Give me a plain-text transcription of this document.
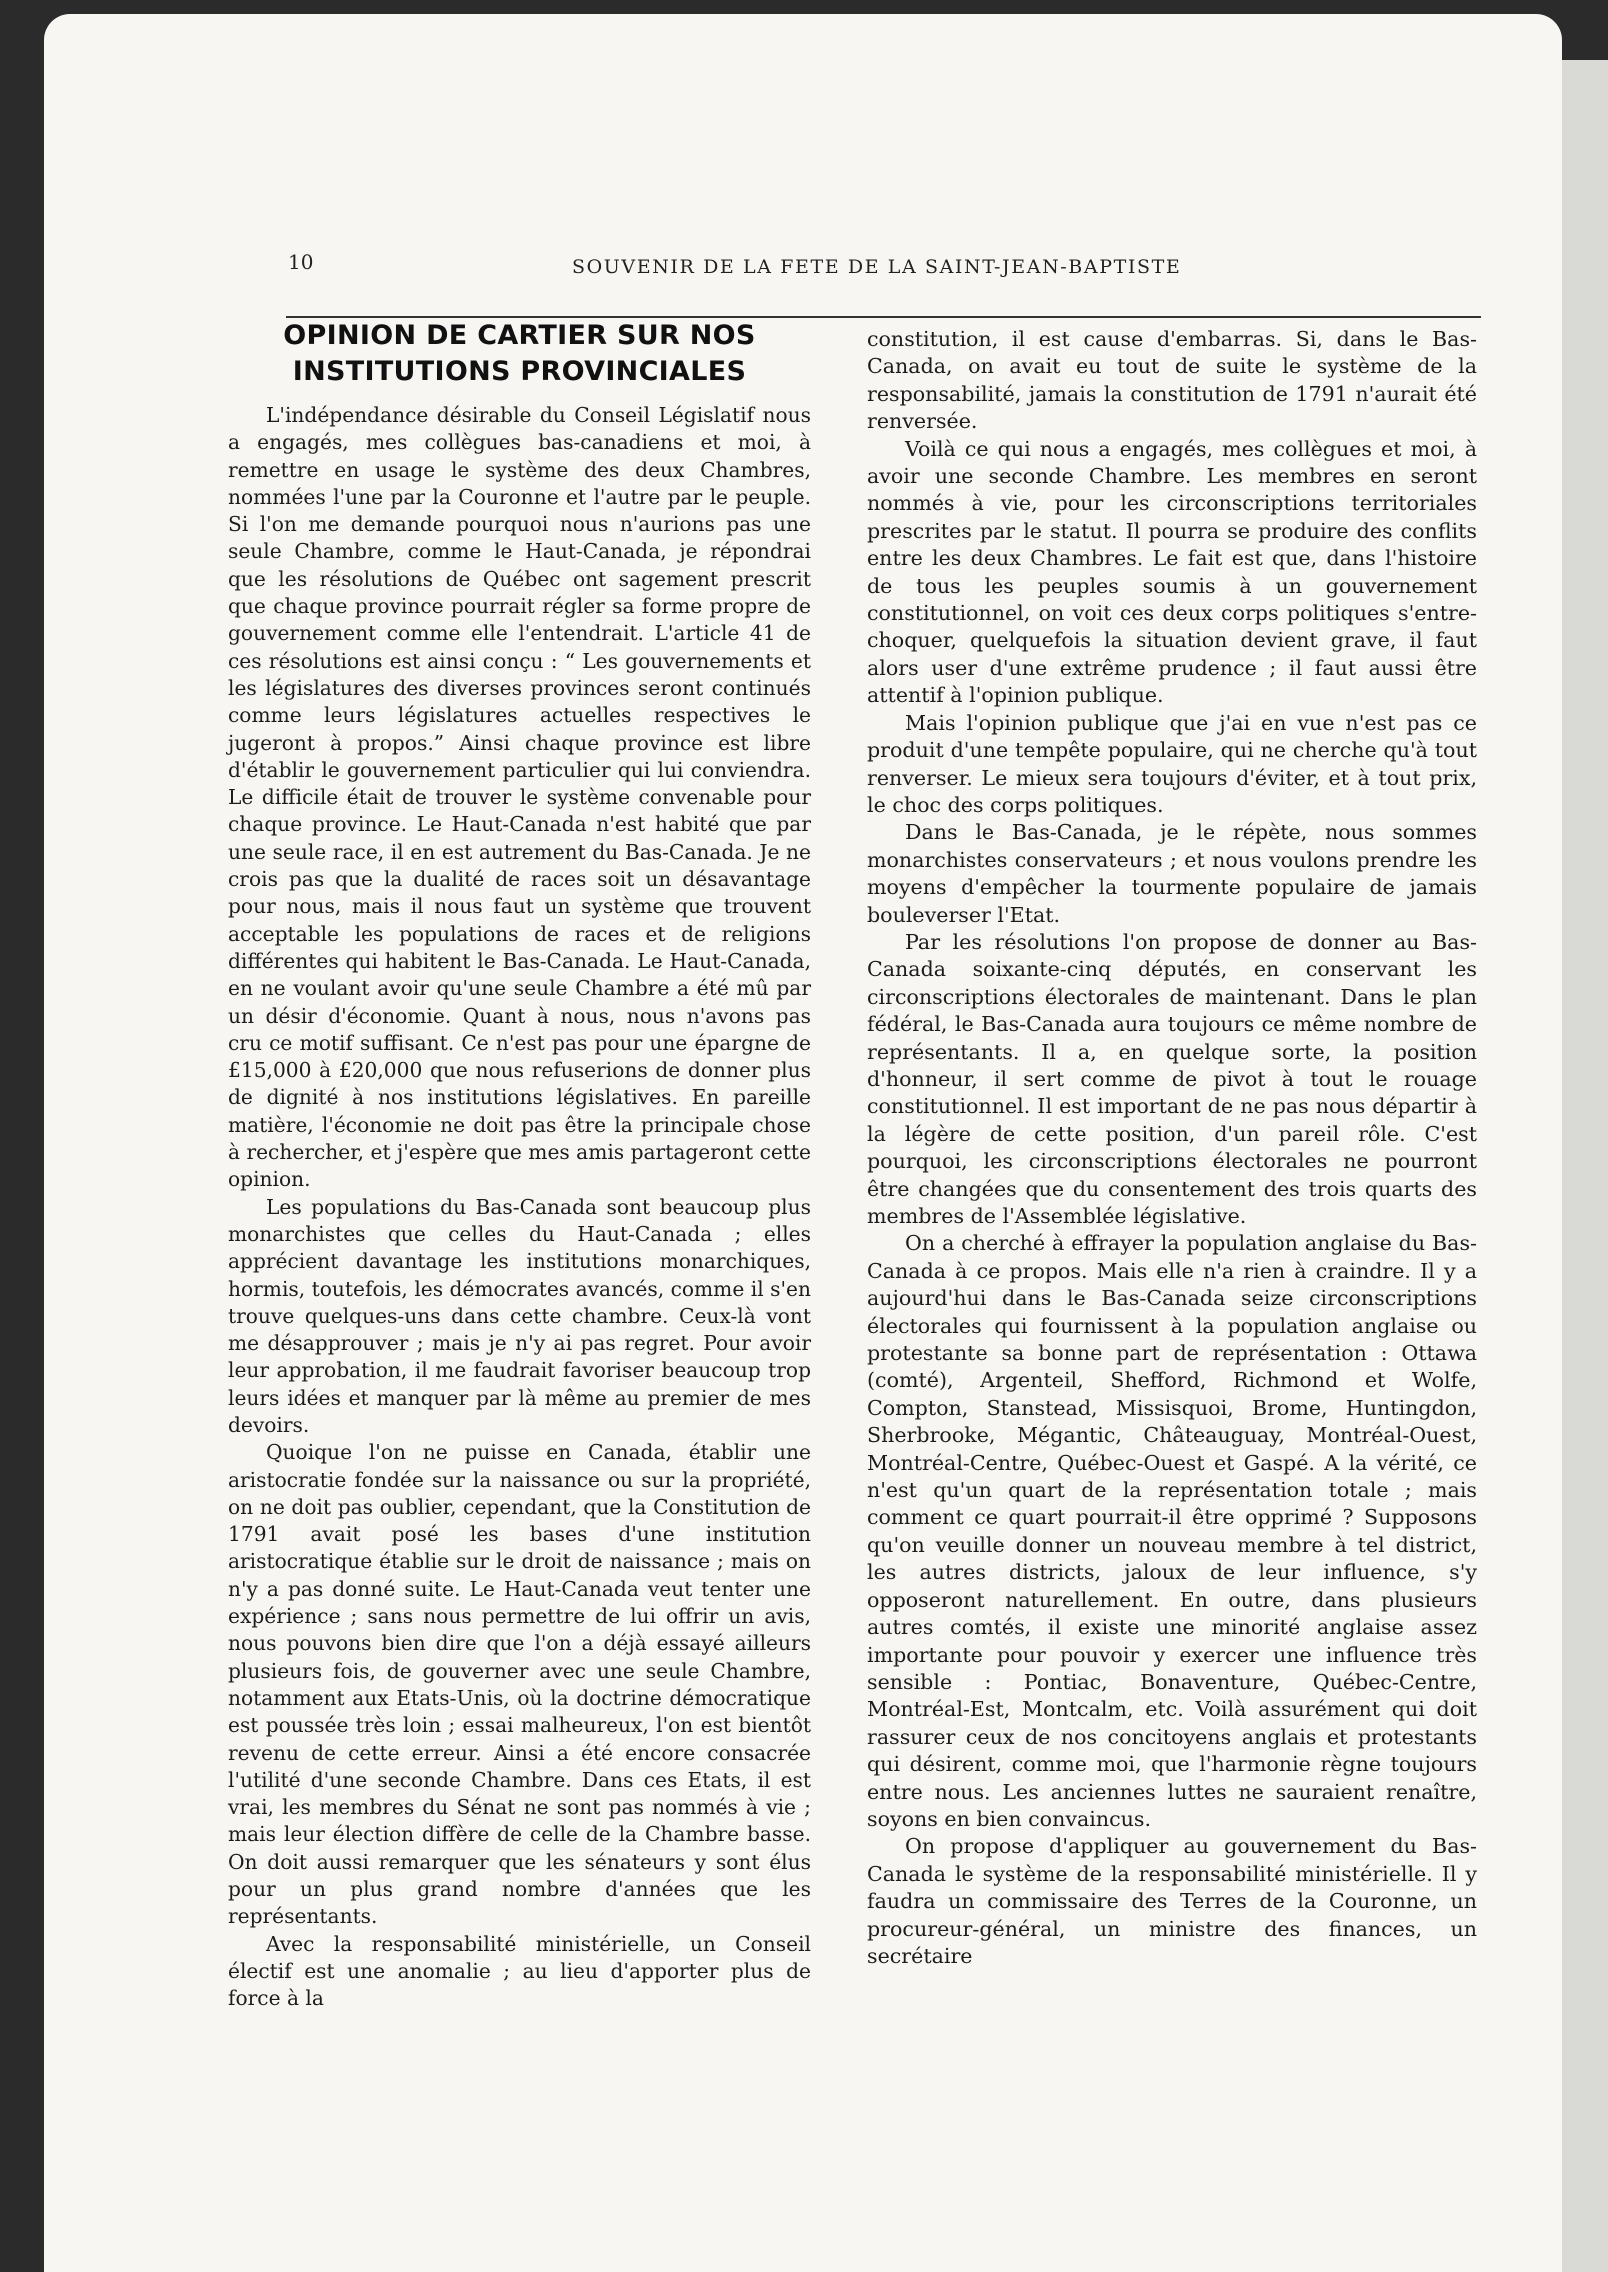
10	SOUVENIR DE LA FETE DE LA SAINT-JEAN-BAPTISTE
OPINION DE CARTIER SUR NOS INSTITUTIONS PROVINCIALES

L'indépendance désirable du Conseil Législatif nous a engagés, mes collègues bas-canadiens et moi, à remettre en usage le système des deux Chambres, nommées l'une par la Couronne et l'autre par le peuple. Si l'on me demande pourquoi nous n'aurions pas une seule Chambre, comme le Haut-Canada, je répondrai que les résolutions de Québec ont sagement prescrit que chaque province pourrait régler sa forme propre de gouvernement comme elle l'entendrait. L'article 41 de ces résolutions est ainsi conçu : “ Les gouvernements et les législatures des diverses provinces seront continués comme leurs législatures actuelles respectives le jugeront à propos.” Ainsi chaque province est libre d'établir le gouvernement particulier qui lui conviendra. Le difficile était de trouver le système convenable pour chaque province. Le Haut-Canada n'est habité que par une seule race, il en est autrement du Bas-Canada. Je ne crois pas que la dualité de races soit un désavantage pour nous, mais il nous faut un système que trouvent acceptable les populations de races et de religions différentes qui habitent le Bas-Canada. Le Haut-Canada, en ne voulant avoir qu'une seule Chambre a été mû par un désir d'économie. Quant à nous, nous n'avons pas cru ce motif suffisant. Ce n'est pas pour une épargne de £15,000 à £20,000 que nous refuserions de donner plus de dignité à nos institutions législatives. En pareille matière, l'économie ne doit pas être la principale chose à rechercher, et j'espère que mes amis partageront cette opinion.

Les populations du Bas-Canada sont beaucoup plus monarchistes que celles du Haut-Canada ; elles apprécient davantage les institutions monarchiques, hormis, toutefois, les démocrates avancés, comme il s'en trouve quelques-uns dans cette chambre. Ceux-là vont me désapprouver ; mais je n'y ai pas regret. Pour avoir leur approbation, il me faudrait favoriser beaucoup trop leurs idées et manquer par là même au premier de mes devoirs.

Quoique l'on ne puisse en Canada, établir une aristocratie fondée sur la naissance ou sur la propriété, on ne doit pas oublier, cependant, que la Constitution de 1791 avait posé les bases d'une institution aristocratique établie sur le droit de naissance ; mais on n'y a pas donné suite. Le Haut-Canada veut tenter une expérience ; sans nous permettre de lui offrir un avis, nous pouvons bien dire que l'on a déjà essayé ailleurs plusieurs fois, de gouverner avec une seule Chambre, notamment aux Etats-Unis, où la doctrine démocratique est poussée très loin ; essai malheureux, l'on est bientôt revenu de cette erreur. Ainsi a été encore consacrée l'utilité d'une seconde Chambre. Dans ces Etats, il est vrai, les membres du Sénat ne sont pas nommés à vie ; mais leur élection diffère de celle de la Chambre basse. On doit aussi remarquer que les sénateurs y sont élus pour un plus grand nombre d'années que les représentants.

Avec la responsabilité ministérielle, un Conseil électif est une anomalie ; au lieu d'apporter plus de force à la

constitution, il est cause d'embarras. Si, dans le Bas-Canada, on avait eu tout de suite le système de la responsabilité, jamais la constitution de 1791 n'aurait été renversée.

Voilà ce qui nous a engagés, mes collègues et moi, à avoir une seconde Chambre. Les membres en seront nommés à vie, pour les circonscriptions territoriales prescrites par le statut. Il pourra se produire des conflits entre les deux Chambres. Le fait est que, dans l'histoire de tous les peuples soumis à un gouvernement constitutionnel, on voit ces deux corps politiques s'entre-choquer, quelquefois la situation devient grave, il faut alors user d'une extrême prudence ; il faut aussi être attentif à l'opinion publique.

Mais l'opinion publique que j'ai en vue n'est pas ce produit d'une tempête populaire, qui ne cherche qu'à tout renverser. Le mieux sera toujours d'éviter, et à tout prix, le choc des corps politiques.

Dans le Bas-Canada, je le répète, nous sommes monarchistes conservateurs ; et nous voulons prendre les moyens d'empêcher la tourmente populaire de jamais bouleverser l'Etat.

Par les résolutions l'on propose de donner au Bas-Canada soixante-cinq députés, en conservant les circonscriptions électorales de maintenant. Dans le plan fédéral, le Bas-Canada aura toujours ce même nombre de représentants. Il a, en quelque sorte, la position d'honneur, il sert comme de pivot à tout le rouage constitutionnel. Il est important de ne pas nous départir à la légère de cette position, d'un pareil rôle. C'est pourquoi, les circonscriptions électorales ne pourront être changées que du consentement des trois quarts des membres de l'Assemblée législative.

On a cherché à effrayer la population anglaise du Bas-Canada à ce propos. Mais elle n'a rien à craindre. Il y a aujourd'hui dans le Bas-Canada seize circonscriptions électorales qui fournissent à la population anglaise ou protestante sa bonne part de représentation : Ottawa (comté), Argenteil, Shefford, Richmond et Wolfe, Compton, Stanstead, Missisquoi, Brome, Huntingdon, Sherbrooke, Mégantic, Châteauguay, Montréal-Ouest, Montréal-Centre, Québec-Ouest et Gaspé. A la vérité, ce n'est qu'un quart de la représentation totale ; mais comment ce quart pourrait-il être opprimé ? Supposons qu'on veuille donner un nouveau membre à tel district, les autres districts, jaloux de leur influence, s'y opposeront naturellement. En outre, dans plusieurs autres comtés, il existe une minorité anglaise assez importante pour pouvoir y exercer une influence très sensible : Pontiac, Bonaventure, Québec-Centre, Montréal-Est, Montcalm, etc. Voilà assurément qui doit rassurer ceux de nos concitoyens anglais et protestants qui désirent, comme moi, que l'harmonie règne toujours entre nous. Les anciennes luttes ne sauraient renaître, soyons en bien convaincus.

On propose d'appliquer au gouvernement du Bas-Canada le système de la responsabilité ministérielle. Il y faudra un commissaire des Terres de la Couronne, un procureur-général, un ministre des finances, un secrétaire
